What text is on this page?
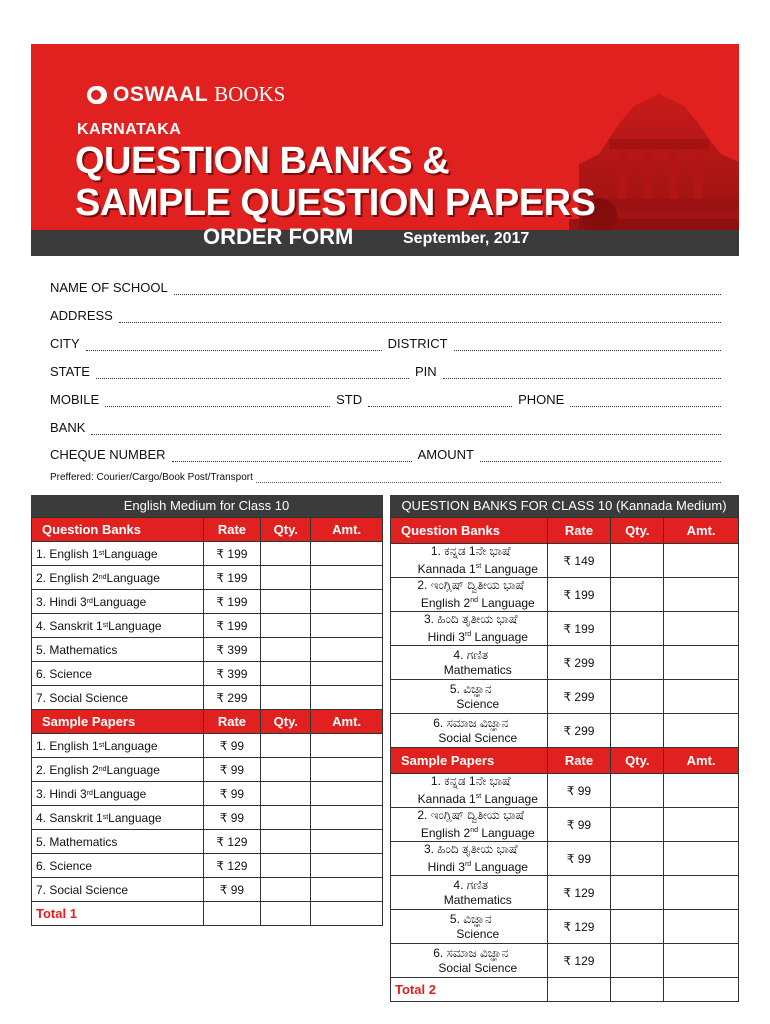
OSWAAL BOOKS
KARNATAKA
QUESTION BANKS &
SAMPLE QUESTION PAPERS
ORDER FORM	September, 2017
NAME OF SCHOOL
ADDRESS
CITY	DISTRICT
STATE	PIN
MOBILE	STD	PHONE
BANK
CHEQUE NUMBER	AMOUNT
Preffered: Courier/Cargo/Book Post/Transport
English Medium for Class 10
Question Banks	Rate	Qty.	Amt.
1. English 1 st Language	₹ 199
2. English 2 nd Language	₹ 199
3. Hindi 3 rd Language	₹ 199
4. Sanskrit 1 st Language	₹ 199
5. Mathematics	₹ 399
6. Science	₹ 399
7. Social Science	₹ 299
Sample Papers	Rate	Qty.	Amt.
1. English 1 st Language	₹ 99
2. English 2 nd Language	₹ 99
3. Hindi 3 rd Language	₹ 99
4. Sanskrit 1 st Language	₹ 99
5. Mathematics	₹ 129
6. Science	₹ 129
7. Social Science	₹ 99
Total 1
QUESTION BANKS FOR CLASS 10 (Kannada Medium)
Question Banks	Rate	Qty.	Amt.
1. ಕನ್ನಡ 1ನೇ ಭಾಷೆ
Kannada 1st Language
₹ 149
2. ಇಂಗ್ಲಿಷ್ ದ್ವಿತೀಯ ಭಾಷೆ
English 2nd Language
₹ 199
3. ಹಿಂದಿ ತೃತೀಯ ಭಾಷೆ
Hindi 3rd Language
₹ 199
4. ಗಣಿತ
Mathematics	₹ 299
5. ವಿಜ್ಞಾನ
Science	₹ 299
6. ಸಮಾಜ ವಿಜ್ಞಾನ
Social Science	₹ 299
Sample Papers	Rate	Qty.	Amt.
1. ಕನ್ನಡ 1ನೇ ಭಾಷೆ
Kannada 1st Language
₹ 99
2. ಇಂಗ್ಲಿಷ್ ದ್ವಿತೀಯ ಭಾಷೆ
English 2nd Language
₹ 99
3. ಹಿಂದಿ ತೃತೀಯ ಭಾಷೆ
Hindi 3rd Language
₹ 99
4. ಗಣಿತ
Mathematics	₹ 129
5. ವಿಜ್ಞಾನ
Science	₹ 129
6. ಸಮಾಜ ವಿಜ್ಞಾನ
Social Science	₹ 129
Total 2
